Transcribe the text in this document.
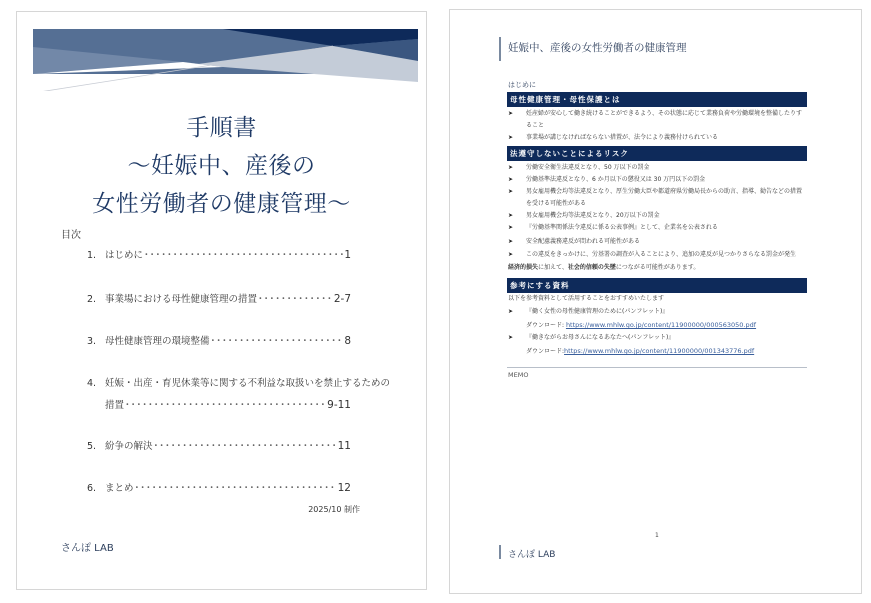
手順書
～妊娠中、産後の
女性労働者の健康管理～
目次
1. はじめに ･････････････････････････････････････････････････････････････････････････････････	1
2. 事業場における母性健康管理の措置 ･････････････････････････････････････････････････････････････････････････････････	2-7
3. 母性健康管理の環境整備 ･････････････････････････････････････････････････････････････････････････････････	8
4. 妊娠・出産・育児休業等に関する不利益な取扱いを禁止するための
措置 ･････････････････････････････････････････････････････････････････････････････････	9-11
5. 紛争の解決 ･････････････････････････････････････････････････････････････････････････････････	11
6. まとめ ･････････････････････････････････････････････････････････････････････････････････	12
2025/10 制作
さんぽ LAB
妊娠中、産後の女性労働者の健康管理
はじめに
母性健康管理・母性保護とは
➤	妊産婦が安心して働き続けることができるよう、その状態に応じて業務負荷や労働環境を整備したりすること
➤	事業場が講じなければならない措置が、法令により義務付けられている
法遵守しないことによるリスク
➤	労働安全衛生法違反となり、50 万以下の罰金
➤	労働基準法違反となり、6 か月以下の懲役又は 30 万円以下の罰金
➤	男女雇用機会均等法違反となり、厚生労働大臣や都道府県労働局長からの助言、指導、勧告などの措置を受ける可能性がある
➤	男女雇用機会均等法違反となり、20万以下の罰金
➤	『労働基準関係法令違反に係る公表事例』として、企業名を公表される
➤	安全配慮義務違反が問われる可能性がある
➤	この違反をきっかけに、労基署の調査が入ることにより、追加の違反が見つかりさらなる罰金が発生
経済的損失に加えて、社会的信頼の失墜につながる可能性があります。
参考にする資料
以下を参考資料として活用することをおすすめいたします
➤	『働く女性の母性健康管理のために(パンフレット)』
ダウンロード: https://www.mhlw.go.jp/content/11900000/000563050.pdf
➤	『働きながらお母さんになるあなたへ(パンフレット)』
ダウンロード:https://www.mhlw.go.jp/content/11900000/001343776.pdf
MEMO
1
さんぽ LAB
